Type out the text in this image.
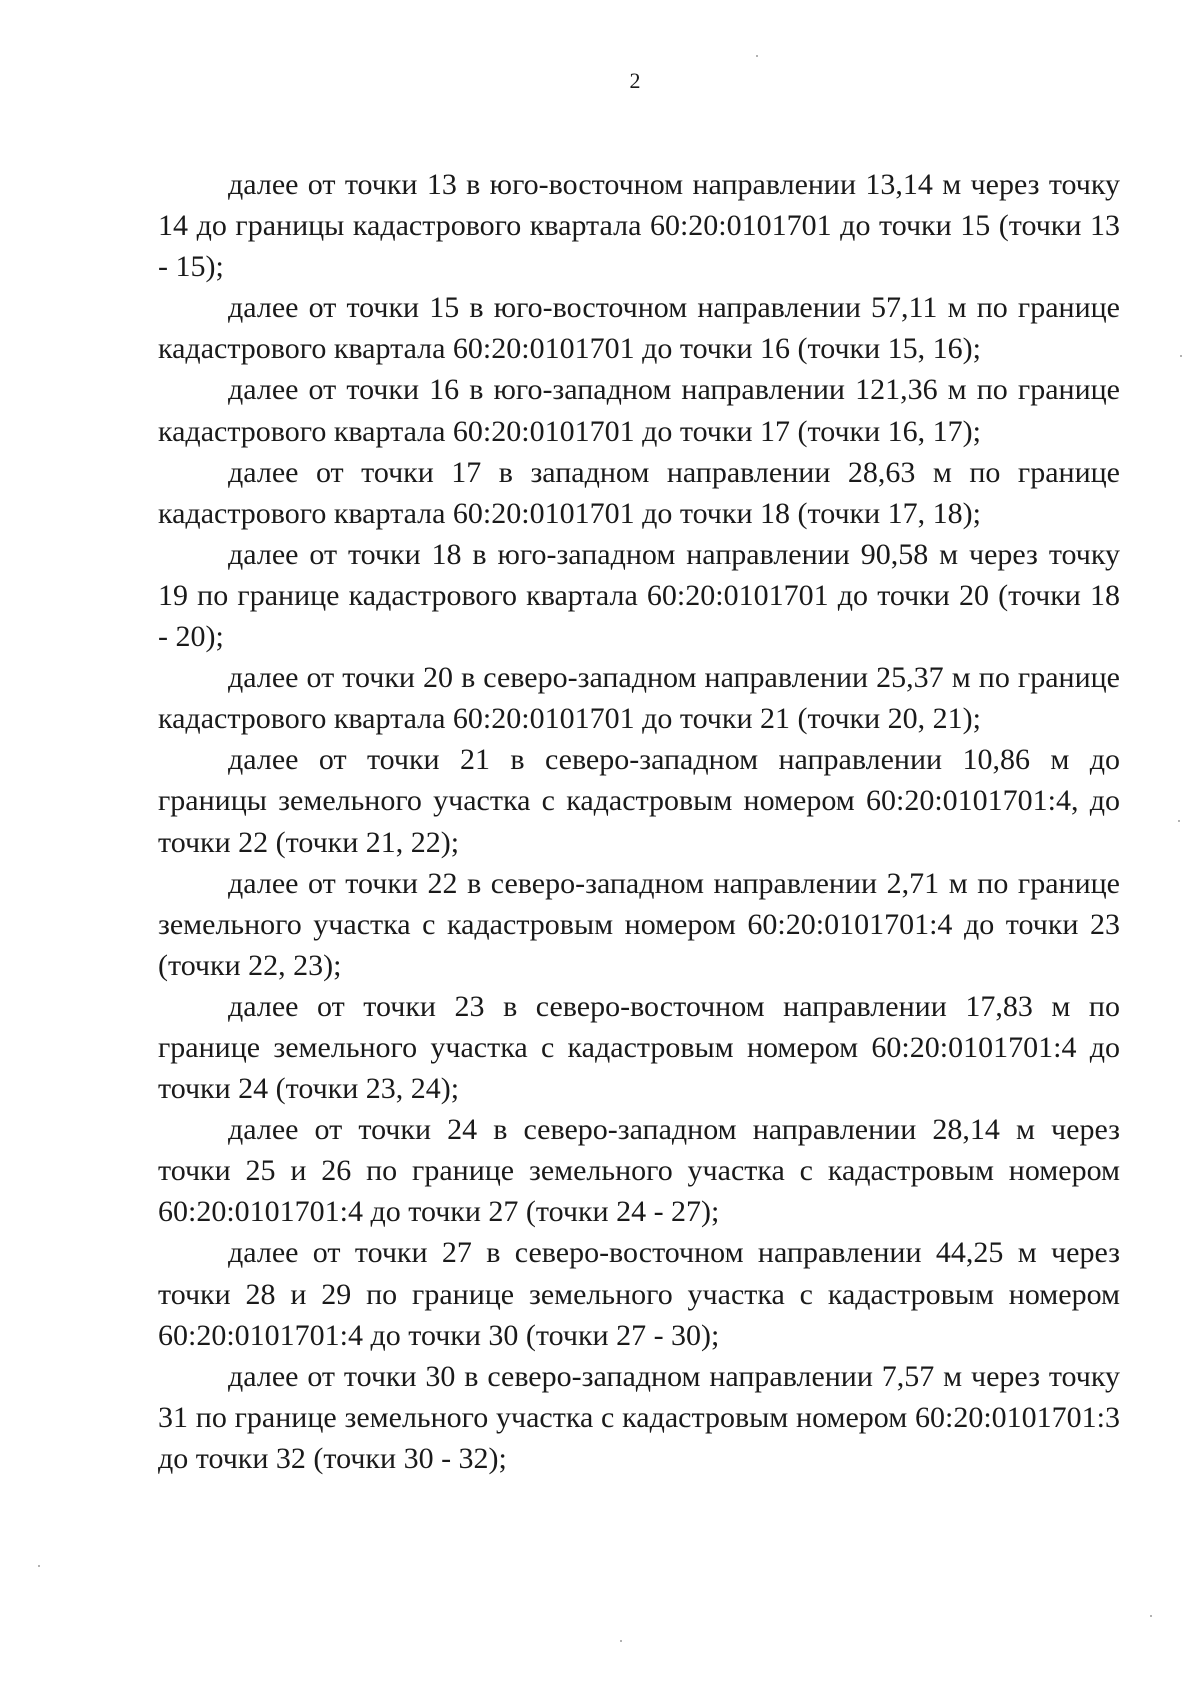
2

далее от точки 13 в юго-восточном направлении 13,14 м через точку 14 до границы кадастрового квартала 60:20:0101701 до точки 15 (точки 13 - 15);

далее от точки 15 в юго-восточном направлении 57,11 м по границе кадастрового квартала 60:20:0101701 до точки 16 (точки 15, 16);

далее от точки 16 в юго-западном направлении 121,36 м по границе кадастрового квартала 60:20:0101701 до точки 17 (точки 16, 17);

далее от точки 17 в западном направлении 28,63 м по границе кадастрового квартала 60:20:0101701 до точки 18 (точки 17, 18);

далее от точки 18 в юго-западном направлении 90,58 м через точку 19 по границе кадастрового квартала 60:20:0101701 до точки 20 (точки 18 - 20);

далее от точки 20 в северо-западном направлении 25,37 м по границе кадастрового квартала 60:20:0101701 до точки 21 (точки 20, 21);

далее от точки 21 в северо-западном направлении 10,86 м до границы земельного участка с кадастровым номером 60:20:0101701:4, до точки 22 (точки 21, 22);

далее от точки 22 в северо-западном направлении 2,71 м по границе земельного участка с кадастровым номером 60:20:0101701:4 до точки 23 (точки 22, 23);

далее от точки 23 в северо-восточном направлении 17,83 м по границе земельного участка с кадастровым номером 60:20:0101701:4 до точки 24 (точки 23, 24);

далее от точки 24 в северо-западном направлении 28,14 м через точки 25 и 26 по границе земельного участка с кадастровым номером 60:20:0101701:4 до точки 27 (точки 24 - 27);

далее от точки 27 в северо-восточном направлении 44,25 м через точки 28 и 29 по границе земельного участка с кадастровым номером 60:20:0101701:4 до точки 30 (точки 27 - 30);

далее от точки 30 в северо-западном направлении 7,57 м через точку 31 по границе земельного участка с кадастровым номером 60:20:0101701:3 до точки 32 (точки 30 - 32);
